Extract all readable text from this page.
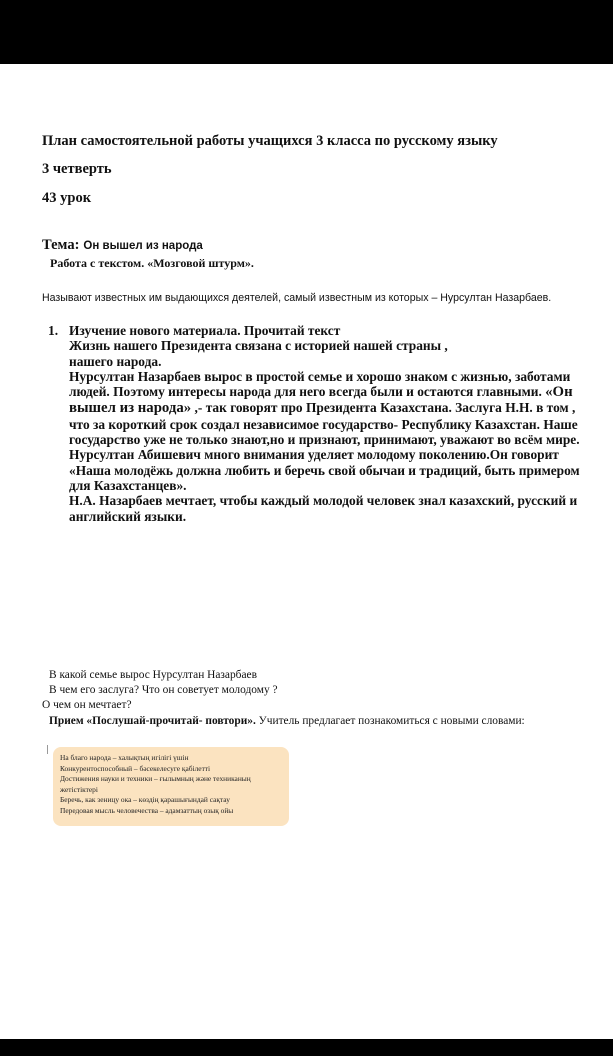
План самостоятельной работы учащихся 3 класса по русскому языку
3 четверть
43 урок
Тема: Он вышел из народа
Работа с текстом. «Мозговой штурм».
Называют известных им выдающихся деятелей, самый известным из которых – Нурсултан Назарбаев.
1. Изучение нового материала. Прочитай текст

Жизнь нашего Президента связана с историей нашей страны ,

нашего народа.

Нурсултан Назарбаев вырос в простой семье и хорошо знаком с жизнью, заботами людей. Поэтому интересы народа для него всегда были и остаются главными. «Он вышел из народа» ,- так говорят про Президента Казахстана. Заслуга Н.Н. в том , что за короткий срок создал независимое государство- Республику Казахстан. Наше государство уже не только знают,но и признают, принимают, уважают во всём мире.

Нурсултан Абишевич много внимания уделяет молодому поколению.Он говорит «Наша молодёжь должна любить и беречь свой обычаи и традиций, быть примером для Казахстанцев».

Н.А. Назарбаев мечтает, чтобы каждый молодой человек знал казахский, русский и английский языки.

В какой семье вырос Нурсултан Назарбаев
В чем его заслуга? Что он советует молодому ?
О чем он мечтает?
Прием «Послушай-прочитай- повтори». Учитель предлагает познакомиться с новыми словами:
На благо народа – халықтың игілігі үшін
Конкурентоспособный – бәсекелесуге қабілетті
Достижения науки и техники – ғылымның және техниканың жетістіктері
Беречь, как зеницу ока – көздің қарашығындай сақтау
Передовая мысль человечества – адамзаттың озық ойы
